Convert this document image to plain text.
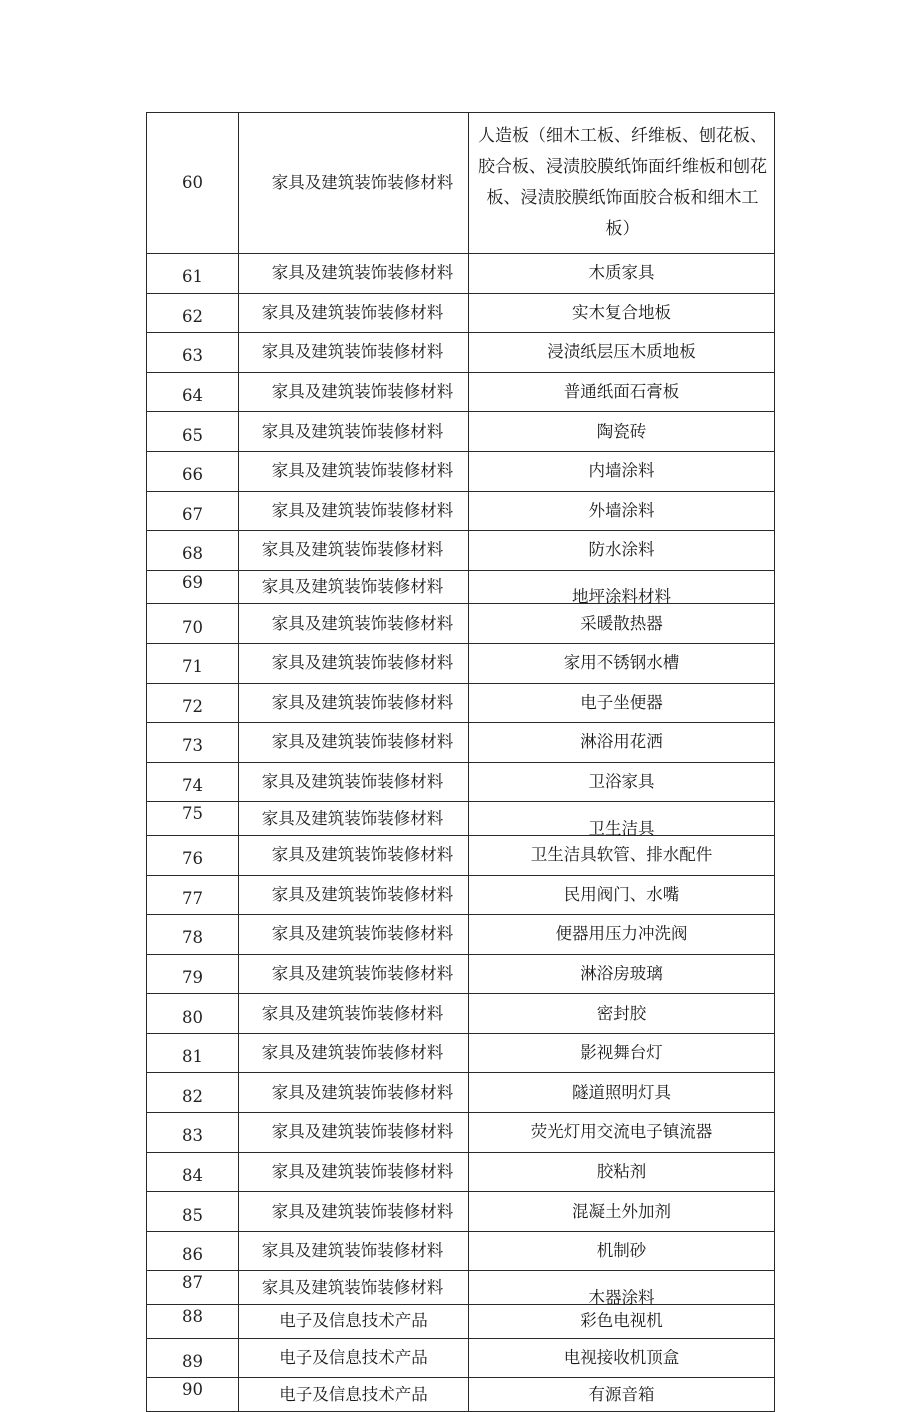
60	家具及建筑装饰装修材料	人造板（细木工板、纤维板、刨花板、胶合板、浸渍胶膜纸饰面纤维板和刨花板、浸渍胶膜纸饰面胶合板和细木工板）

61	家具及建筑装饰装修材料	木质家具
62	家具及建筑装饰装修材料	实木复合地板
63	家具及建筑装饰装修材料	浸渍纸层压木质地板
64	家具及建筑装饰装修材料	普通纸面石膏板
65	家具及建筑装饰装修材料	陶瓷砖
66	家具及建筑装饰装修材料	内墙涂料
67	家具及建筑装饰装修材料	外墙涂料
68	家具及建筑装饰装修材料	防水涂料
69	家具及建筑装饰装修材料	地坪涂料材料
70	家具及建筑装饰装修材料	采暖散热器
71	家具及建筑装饰装修材料	家用不锈钢水槽
72	家具及建筑装饰装修材料	电子坐便器
73	家具及建筑装饰装修材料	淋浴用花洒
74	家具及建筑装饰装修材料	卫浴家具
75	家具及建筑装饰装修材料	卫生洁具
76	家具及建筑装饰装修材料	卫生洁具软管、排水配件
77	家具及建筑装饰装修材料	民用阀门、水嘴
78	家具及建筑装饰装修材料	便器用压力冲洗阀
79	家具及建筑装饰装修材料	淋浴房玻璃
80	家具及建筑装饰装修材料	密封胶
81	家具及建筑装饰装修材料	影视舞台灯
82	家具及建筑装饰装修材料	隧道照明灯具
83	家具及建筑装饰装修材料	荧光灯用交流电子镇流器
84	家具及建筑装饰装修材料	胶粘剂
85	家具及建筑装饰装修材料	混凝土外加剂
86	家具及建筑装饰装修材料	机制砂
87	家具及建筑装饰装修材料	木器涂料
88	电子及信息技术产品	彩色电视机
89	电子及信息技术产品	电视接收机顶盒
90	电子及信息技术产品	有源音箱
